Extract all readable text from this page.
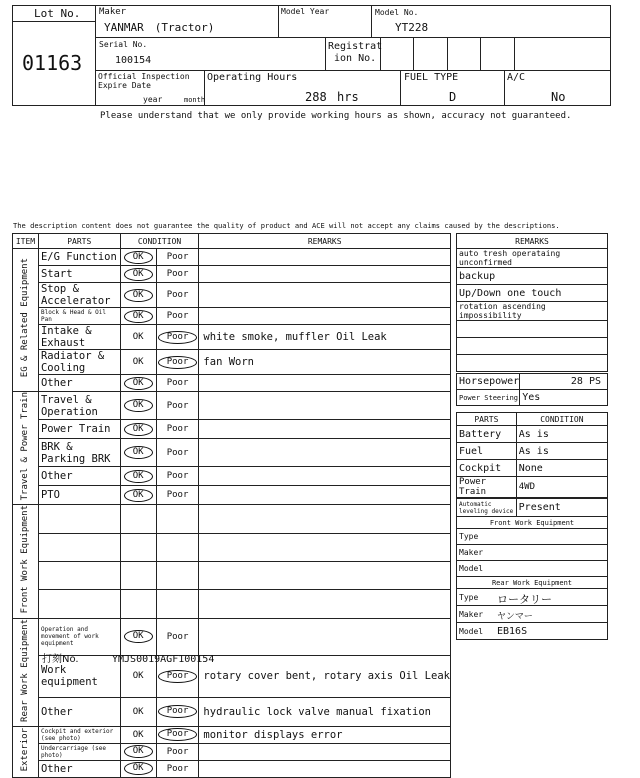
Lot No.
01163
Maker
YANMAR　(Tractor)
Model Year	Model No.
YT228
Serial No.
100154
Registrat
ion No.
Official Inspection
Expire Date
year	month
Operating Hours
288 hrs
FUEL TYPE
D
A/C
No
Please understand that we only provide working hours as shown, accuracy not guaranteed.
The description content does not guarantee the quality of product and ACE will not accept any claims caused by the descriptions.
ITEM	PARTS	CONDITION		REMARKS
EG & Related Equipment	E/G Function	OK	Poor	
	Start	OK	Poor	
	Stop & Accelerator	OK	Poor	
	Block & Head & Oil Pan	OK	Poor	
	Intake & Exhaust	OK	Poor	white smoke, muffler Oil Leak
	Radiator & Cooling	OK	Poor	fan Worn
	Other	OK	Poor	
Travel & Power Train	Travel & Operation	OK	Poor	
	Power Train	OK	Poor	
	BRK & Parking BRK	OK	Poor	
	Other	OK	Poor	
	PTO	OK	Poor	
Front Work Equipment				

Rear Work Equipment	Operation and movement of work equipment	OK	Poor	
	Work equipment	OK	Poor	rotary cover bent, rotary axis Oil Leak
	Other	OK	Poor	hydraulic lock valve manual fixation
Exterior	Cockpit and exterior (see photo)	OK	Poor	monitor displays error
	Undercarriage (see photo)	OK	Poor	
	Other	OK	Poor	
REMARKS
auto tresh operataing unconfirmed
backup
Up/Down one touch
rotation ascending impossibility

Horsepower	28 PS
Power Steering	Yes
PARTS	CONDITION
Battery	As is
Fuel	As is
Cockpit	None
Power Train	4WD
Automatic leveling device	Present
Front Work Equipment
Type
Maker
Model
Rear Work Equipment

Type ロータリー

Maker ヤンマー

Model EB16S
打刻No.	YMJS0019AGF100154
